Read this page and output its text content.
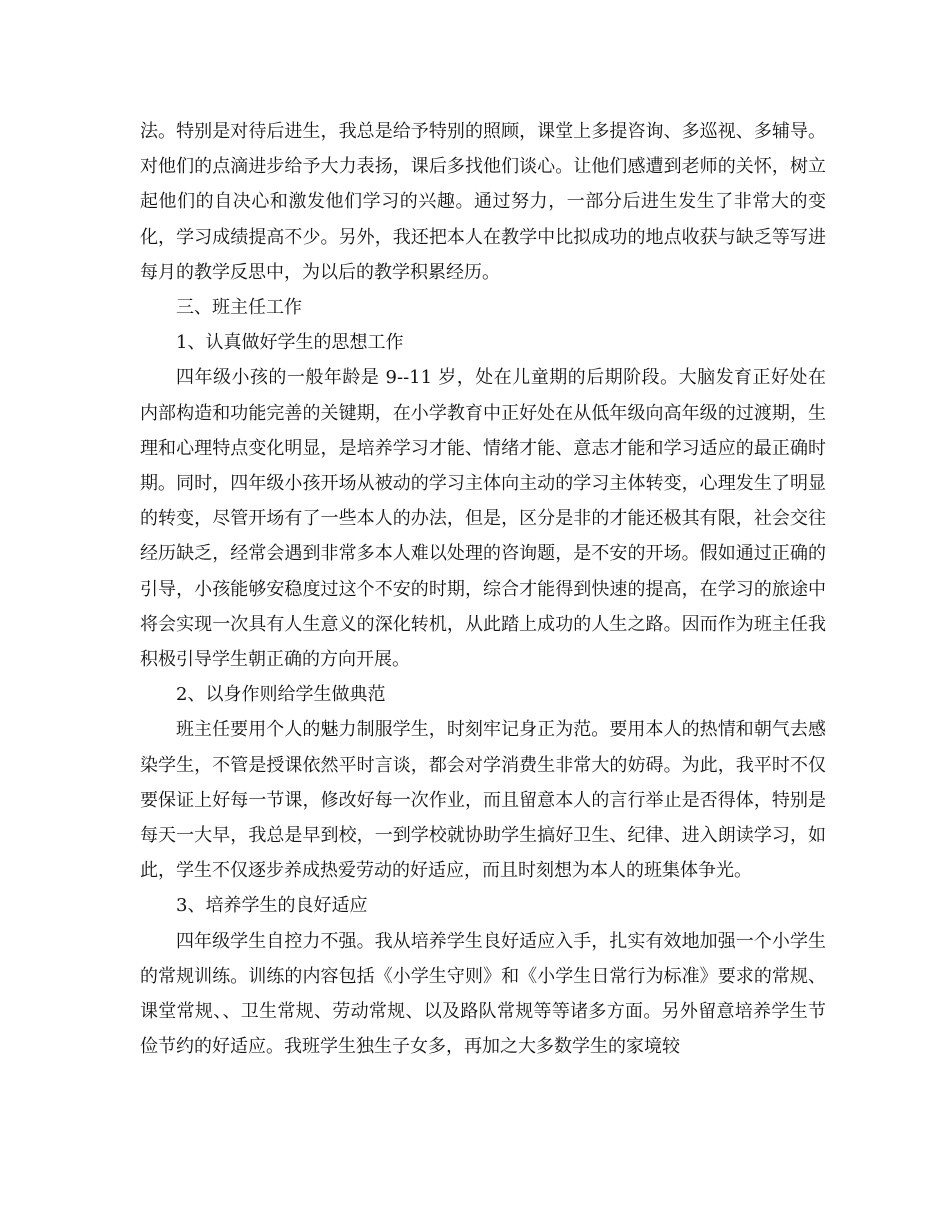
法。特别是对待后进生，我总是给予特别的照顾，课堂上多提咨询、多巡视、多辅导。对他们的点滴进步给予大力表扬，课后多找他们谈心。让他们感遭到老师的关怀，树立起他们的自决心和激发他们学习的兴趣。通过努力，一部分后进生发生了非常大的变化，学习成绩提高不少。另外，我还把本人在教学中比拟成功的地点收获与缺乏等写进每月的教学反思中，为以后的教学积累经历。

三、班主任工作

1、认真做好学生的思想工作

四年级小孩的一般年龄是 9--11 岁，处在儿童期的后期阶段。大脑发育正好处在内部构造和功能完善的关键期，在小学教育中正好处在从低年级向高年级的过渡期，生理和心理特点变化明显，是培养学习才能、情绪才能、意志才能和学习适应的最正确时期。同时，四年级小孩开场从被动的学习主体向主动的学习主体转变，心理发生了明显的转变，尽管开场有了一些本人的办法，但是，区分是非的才能还极其有限，社会交往经历缺乏，经常会遇到非常多本人难以处理的咨询题，是不安的开场。假如通过正确的引导，小孩能够安稳度过这个不安的时期，综合才能得到快速的提高，在学习的旅途中将会实现一次具有人生意义的深化转机，从此踏上成功的人生之路。因而作为班主任我积极引导学生朝正确的方向开展。

2、以身作则给学生做典范

班主任要用个人的魅力制服学生，时刻牢记身正为范。要用本人的热情和朝气去感染学生，不管是授课依然平时言谈，都会对学消费生非常大的妨碍。为此，我平时不仅要保证上好每一节课，修改好每一次作业，而且留意本人的言行举止是否得体，特别是每天一大早，我总是早到校，一到学校就协助学生搞好卫生、纪律、进入朗读学习，如此，学生不仅逐步养成热爱劳动的好适应，而且时刻想为本人的班集体争光。

3、培养学生的良好适应

四年级学生自控力不强。我从培养学生良好适应入手，扎实有效地加强一个小学生的常规训练。训练的内容包括《小学生守则》和《小学生日常行为标准》要求的常规、课堂常规、、卫生常规、劳动常规、以及路队常规等等诸多方面。另外留意培养学生节俭节约的好适应。我班学生独生子女多，再加之大多数学生的家境较
